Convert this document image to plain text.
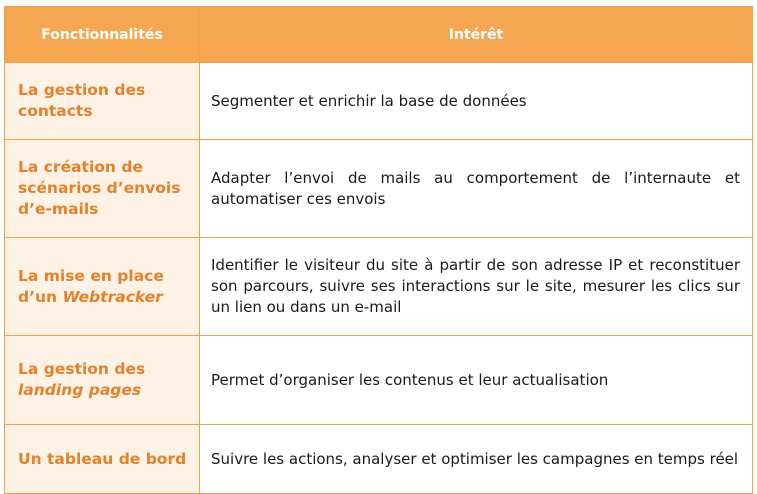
Fonctionnalités	Intérêt
La gestion des contacts	Segmenter et enrichir la base de données
La création de scénarios d’envois d’e-mails	Adapter l’envoi de mails au comportement de l’internaute et automatiser ces envois
La mise en place d’un Webtracker	Identifier le visiteur du site à partir de son adresse IP et reconstituer son parcours, suivre ses interactions sur le site, mesurer les clics sur un lien ou dans un e-mail
La gestion des landing pages	Permet d’organiser les contenus et leur actualisation
Un tableau de bord	Suivre les actions, analyser et optimiser les campagnes en temps réel
